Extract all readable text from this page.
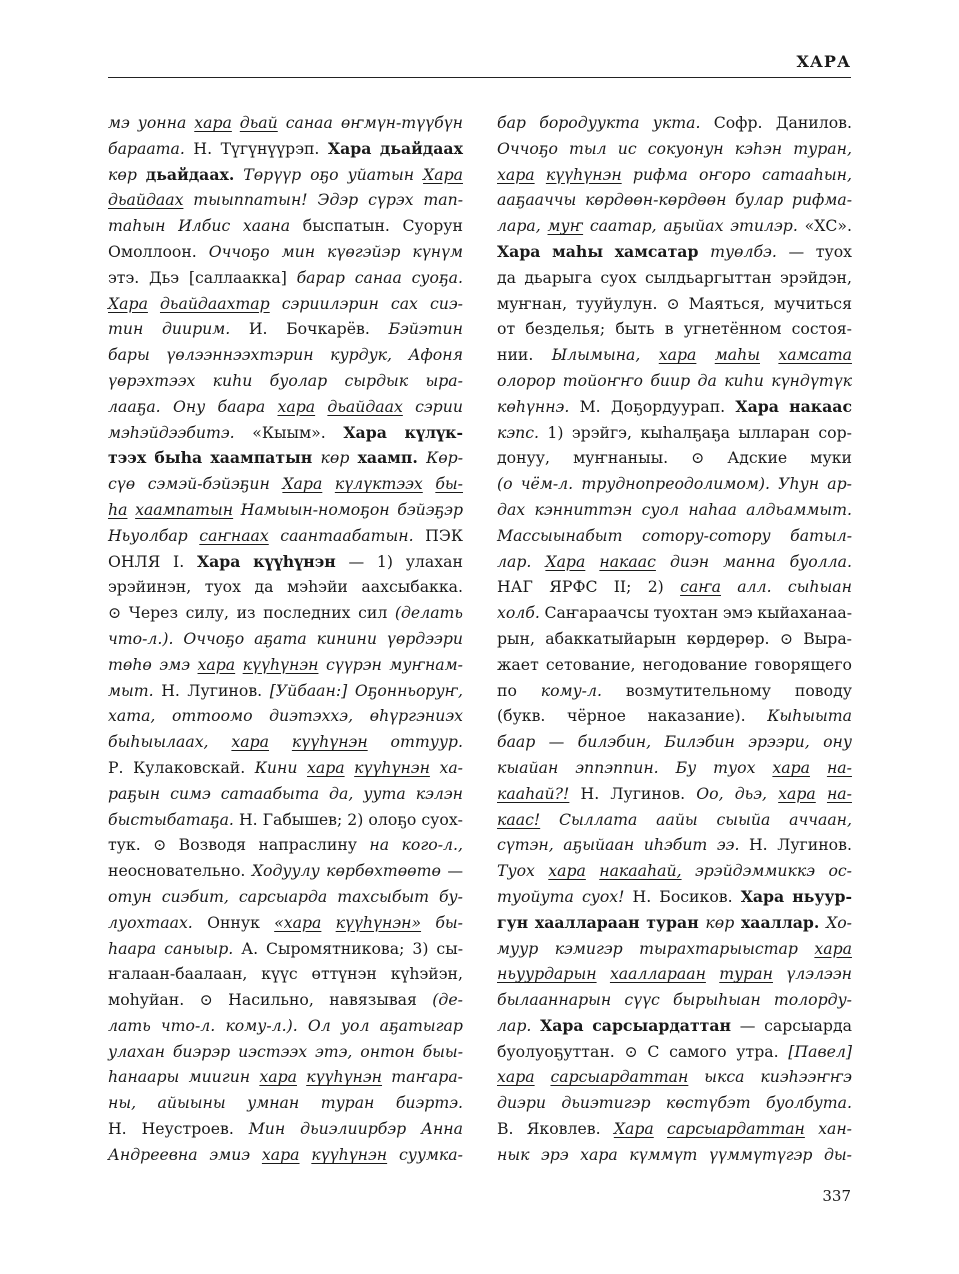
ХАРА
мэ уонна хара дьай санаа өҥмүн-түүбүн
бараата. Н. Түгүнүүрэп. Хара дьайдаах
көр дьайдаах. Төрүүр оҕо уйатын Хара
дьайдаах тыыппатын! Эдэр сүрэх тап-
таһын Илбис хаана быспатын. Суорун
Омоллоон. Оччоҕо мин күөгэйэр күнүм
этэ. Дьэ [саллаакка] барар санаа суоҕа.
Хара дьайдаахтар сэриилэрин сах сиэ-
тин диирим. И. Бочкарёв. Бэйэтин
бары үөлээннээхтэрин курдук, Афоня
үөрэхтээх киһи буолар сырдык ыра-
лааҕа. Ону баара хара дьайдаах сэрии
мэһэйдээбитэ. «Кыым». Хара күлүк-
тээх быһа хаампатын көр хаамп. Көр-
сүө сэмэй-бэйэҕин Хара күлүктээх бы-
һа хаампатын Намыын-номоҕон бэйэҕэр
Ньуолбар саҥнаах саантаабатын. ПЭК
ОНЛЯ I. Хара күүһүнэн — 1) улахан
эрэйинэн, туох да мэһэйи аахсыбакка.
⊙ Через силу, из последних сил (делать
что-л.). Оччоҕо аҕата кинини үөрдээри
төһө эмэ хара күүһүнэн сүүрэн муҥнам-
мыт. Н. Лугинов. [Уйбаан:] Оҕонньоруҥ,
хата, оттоомо диэтэххэ, өһүргэниэх
быһыылаах, хара күүһүнэн оттуур.
Р. Кулаковскай. Кини хара күүһүнэн ха-
раҕын симэ сатаабыта да, уута кэлэн
быстыбатаҕа. Н. Габышев; 2) олоҕо суох-
тук. ⊙ Возводя напраслину на кого-л.,
неосновательно. Ходуулу көрбөхтөөтө —
отун сиэбит, сарсыарда тахсыбыт бу-
луохтаах. Оннук «хара күүһүнэн» бы-
һаара саныыр. А. Сыромятникова; 3) сы-
ҥалаан-баалаан, күүс өттүнэн күһэйэн,
моһуйан. ⊙ Насильно, навязывая (де-
лать что-л. кому-л.). Ол уол аҕатыгар
улахан биэрэр иэстээх этэ, онтон быы-
һанаары миигин хара күүһүнэн таҥара-
ны, айыыны умнан туран биэртэ.
Н. Неустроев. Мин дьиэлиирбэр Анна
Андреевна эмиэ хара күүһүнэн суумка-
бар бородуукта укта. Софр. Данилов.
Оччоҕо тыл ис сокуонун кэһэн туран,
хара күүһүнэн рифма оҥоро сатааһын,
ааҕааччы көрдөөн-көрдөөн булар рифма-
лара, муҥ саатар, аҕыйах этилэр. «ХС».
Хара маһы хамсатар туөлбэ. — туох
да дьарыга суох сылдьаргыттан эрэйдэн,
муҥнан, тууйулун. ⊙ Маяться, мучиться
от безделья; быть в угнетённом состоя-
нии. Ылымына, хара маһы хамсата
олорор тойоҥҥо биир да киһи күндүтүк
көһүннэ. М. Доҕордуурап. Хара накаас
кэпс. 1) эрэйгэ, кыһалҕаҕа ылларан сор-
донуу, муҥнаныы. ⊙ Адские муки
(о чём-л. труднопреодолимом). Уһун ар-
дах кэнниттэн суол наһаа алдьаммыт.
Массыынабыт сотору-сотору батыл-
лар. Хара накаас диэн манна буолла.
НАГ ЯРФС II; 2) саҥа алл. сыһыан
холб. Саҥараачсы туохтан эмэ кыйаханаа-
рын, абаккатыйарын көрдөрөр. ⊙ Выра-
жает сетование, негодование говорящего
по кому-л. возмутительному поводу
(букв. чёрное наказание). Кыһыыта
баар — билэбин, Билэбин эрээри, ону
кыайан эппэппин. Бу туох хара на-
кааһай?! Н. Лугинов. Оо, дьэ, хара на-
каас! Сыллата аайы сыыйа аччаан,
сүтэн, аҕыйаан иһэбит ээ. Н. Лугинов.
Туох хара накааһай, эрэйдэммиккэ ос-
туойута суох! Н. Босиков. Хара ньуур-
гун хааллараан туран көр хааллар. Хо-
муур кэмигэр тырахтарыыстар хара
ньуурдарын хааллараан туран үлэлээн
былааннарын сүүс бырыһыан толорду-
лар. Хара сарсыардаттан — сарсыарда
буолуоҕуттан. ⊙ С самого утра. [Павел]
хара сарсыардаттан ыкса киэһээҥҥэ
диэри дьиэтигэр көстүбэт буолбута.
В. Яковлев. Хара сарсыардаттан хан-
нык эрэ хара күммүт үүммүтүгэр ды-
337
